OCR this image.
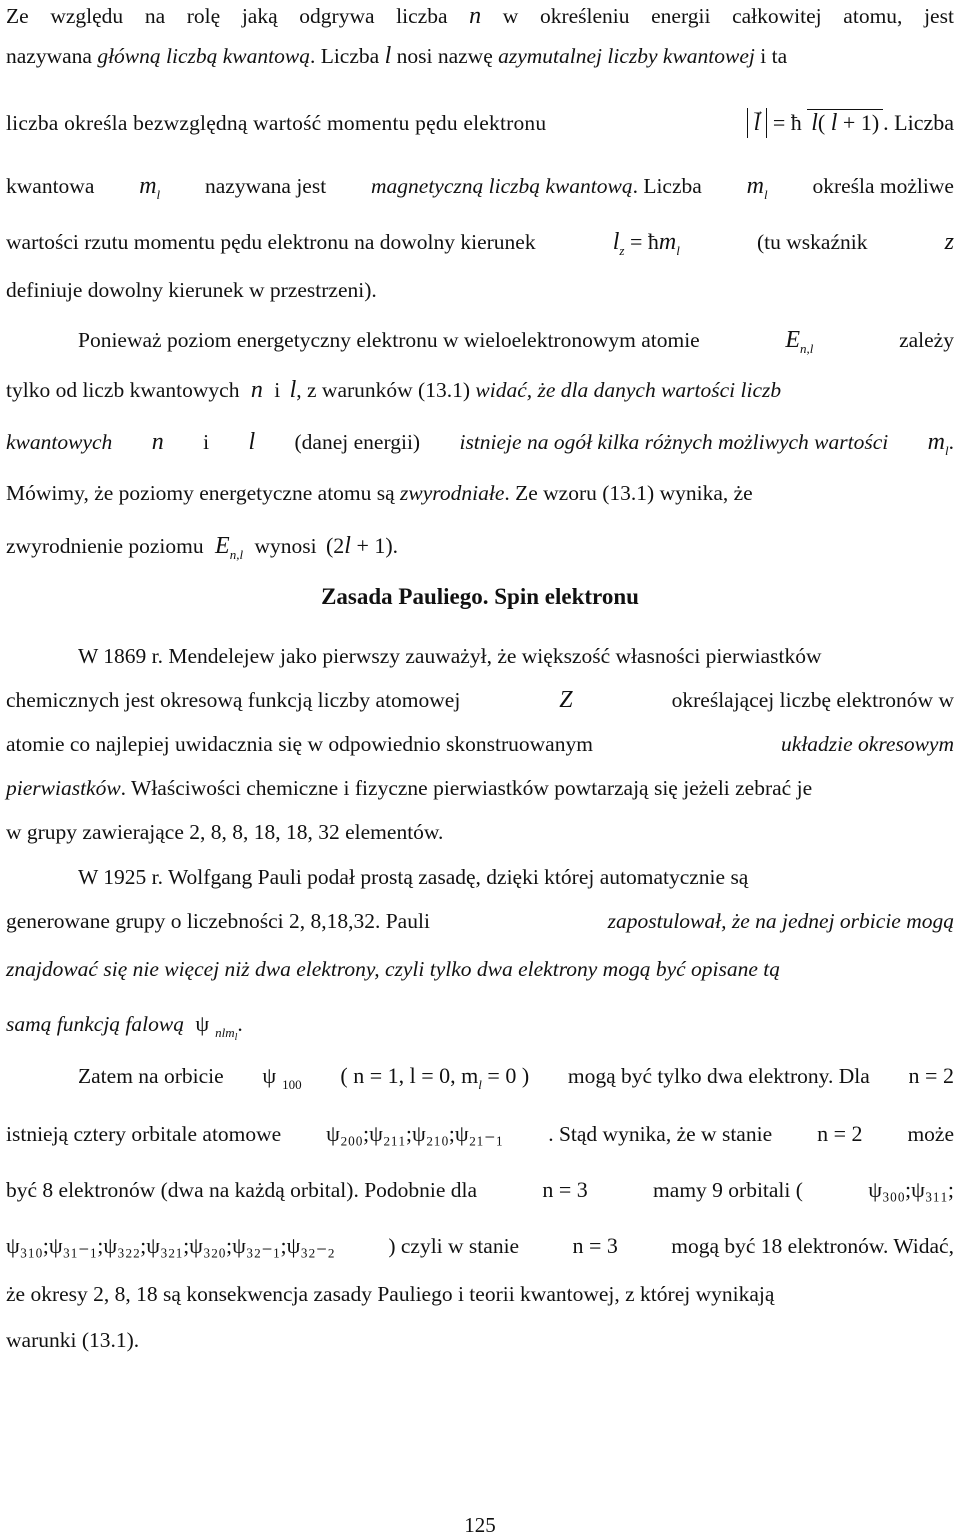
Ze względu na rolę jaką odgrywa liczba n w określeniu energii całkowitej atomu, jest
nazywana główną liczbą kwantową. Liczba l nosi nazwę azymutalnej liczby kwantowej i ta
liczba określa bezwzględną wartość momentu pędu elektronu	l → = ħ l( l + 1) . Liczba
kwantowa $m_l$ nazywana jest magnetyczną liczbą kwantową. Liczba $m_l$ określa możliwe
wartości rzutu momentu pędu elektronu na dowolny kierunek	$l_z$ = $ħm_l$	(tu wskaźnik	z
definiuje dowolny kierunek w przestrzeni).
Ponieważ poziom energetyczny elektronu w wieloelektronowym atomie	$E_{n,l}$	zależy
tylko od liczb kwantowych n i l, z warunków (13.1) widać, że dla danych wartości liczb
kwantowych n i l (danej energii) istnieje na ogół kilka różnych możliwych wartości $m_l$.
Mówimy, że poziomy energetyczne atomu są zwyrodniałe. Ze wzoru (13.1) wynika, że
zwyrodnienie poziomu $E_{n,l}$ wynosi (2l + 1).
Zasada Pauliego. Spin elektronu
W 1869 r. Mendelejew jako pierwszy zauważył, że większość własności pierwiastków
chemicznych jest okresową funkcją liczby atomowej	Z	określającej liczbę elektronów w
atomie co najlepiej uwidacznia się w odpowiednio skonstruowanym	układzie okresowym
pierwiastków. Właściwości chemiczne i fizyczne pierwiastków powtarzają się jeżeli zebrać je
w grupy zawierające 2, 8, 8, 18, 18, 32 elementów.
W 1925 r. Wolfgang Pauli podał prostą zasadę, dzięki której automatycznie są
generowane grupy o liczebności 2, 8,18,32. Pauli	zapostulował, że na jednej orbicie mogą
znajdować się nie więcej niż dwa elektrony, czyli tylko dwa elektrony mogą być opisane tą
samą funkcją falową ψ $_{nlm_l}$.
Zatem na orbicie ψ $_{100}$ ( n = 1, l = 0, $m_l = 0$ ) mogą być tylko dwa elektrony. Dla n = 2
istnieją cztery orbitale atomowe ψ₂₀₀;ψ₂₁₁;ψ₂₁₀;ψ₂₁₋₁ . Stąd wynika, że w stanie n = 2 może
być 8 elektronów (dwa na każdą orbital). Podobnie dla	n = 3	mamy 9 orbitali (	ψ₃₀₀;ψ₃₁₁;
ψ₃₁₀;ψ₃₁₋₁;ψ₃₂₂;ψ₃₂₁;ψ₃₂₀;ψ₃₂₋₁;ψ₃₂₋₂ ) czyli w stanie n = 3 mogą być 18 elektronów. Widać,
że okresy 2, 8, 18 są konsekwencja zasady Pauliego i teorii kwantowej, z której wynikają
warunki (13.1).
125
